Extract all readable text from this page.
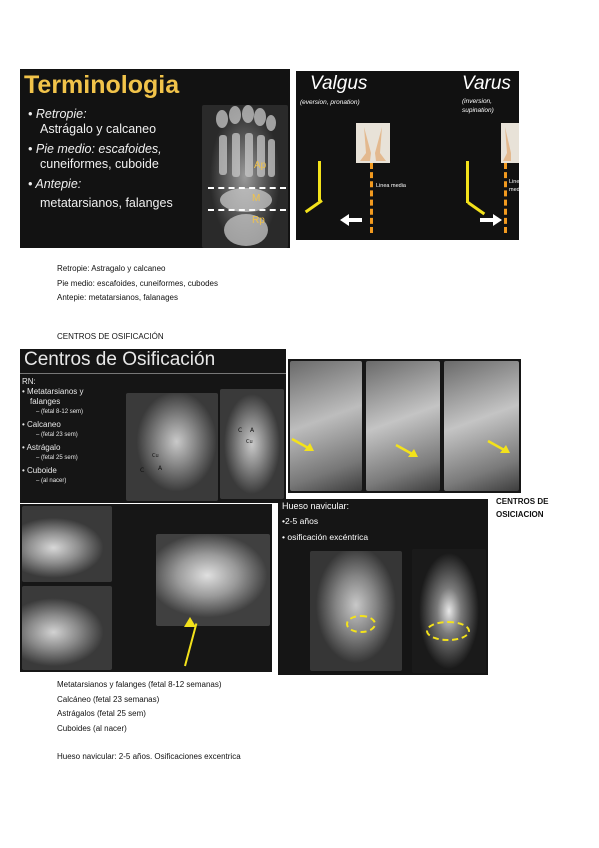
Terminologia
• Retropie:
Astrágalo y calcaneo
• Pie medio: escafoides,
cuneiformes, cuboide
• Antepie:
metatarsianos, falanges
Ap
M
Rp
Valgus
(eversion, pronation)
Varus
(inversion,
supination)
Linea media
Linea
media
Retropie: Astragalo y calcaneo
Pie medio: escafoides, cuneiformes, cubodes
Antepie: metatarsianos, falanages
CENTROS DE OSIFICACIÓN
Centros de Osificación
RN:
• Metatarsianos y
falanges
– (fetal 8-12 sem)
• Calcaneo
– (fetal 23 sem)
• Astrágalo
– (fetal 25 sem)
• Cuboide
– (al nacer)
Cu
C A
A
C
Cu
CENTROS DE
OSICIACION
Hueso navicular:
•2-5 años
• osificación excéntrica
Metatarsianos y falanges (fetal 8-12 semanas)
Calcáneo (fetal 23 semanas)
Astrágalos (fetal 25 sem)
Cuboides (al nacer)
Hueso navicular: 2-5 años. Osificaciones excentrica
